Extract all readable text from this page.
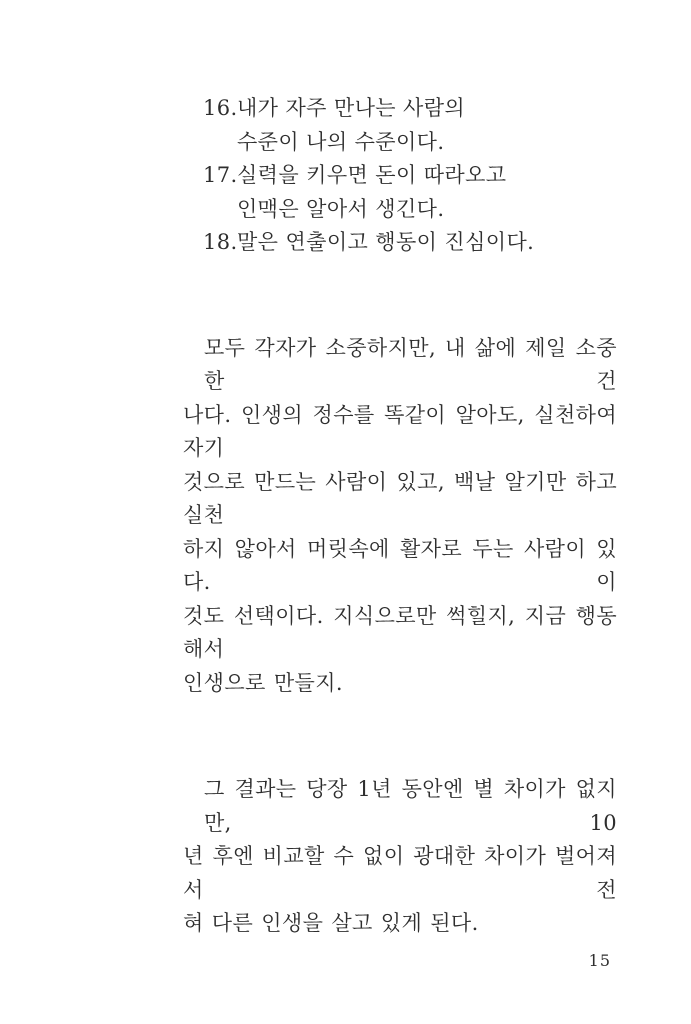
16. 내가 자주 만나는 사람의
수준이 나의 수준이다.
17. 실력을 키우면 돈이 따라오고
인맥은 알아서 생긴다.
18. 말은 연출이고 행동이 진심이다.
모두 각자가 소중하지만, 내 삶에 제일 소중한 건
나다. 인생의 정수를 똑같이 알아도, 실천하여 자기
것으로 만드는 사람이 있고, 백날 알기만 하고 실천
하지 않아서 머릿속에 활자로 두는 사람이 있다. 이
것도 선택이다. 지식으로만 썩힐지, 지금 행동해서
인생으로 만들지.
그 결과는 당장 1년 동안엔 별 차이가 없지만, 10
년 후엔 비교할 수 없이 광대한 차이가 벌어져서 전
혀 다른 인생을 살고 있게 된다.
15
